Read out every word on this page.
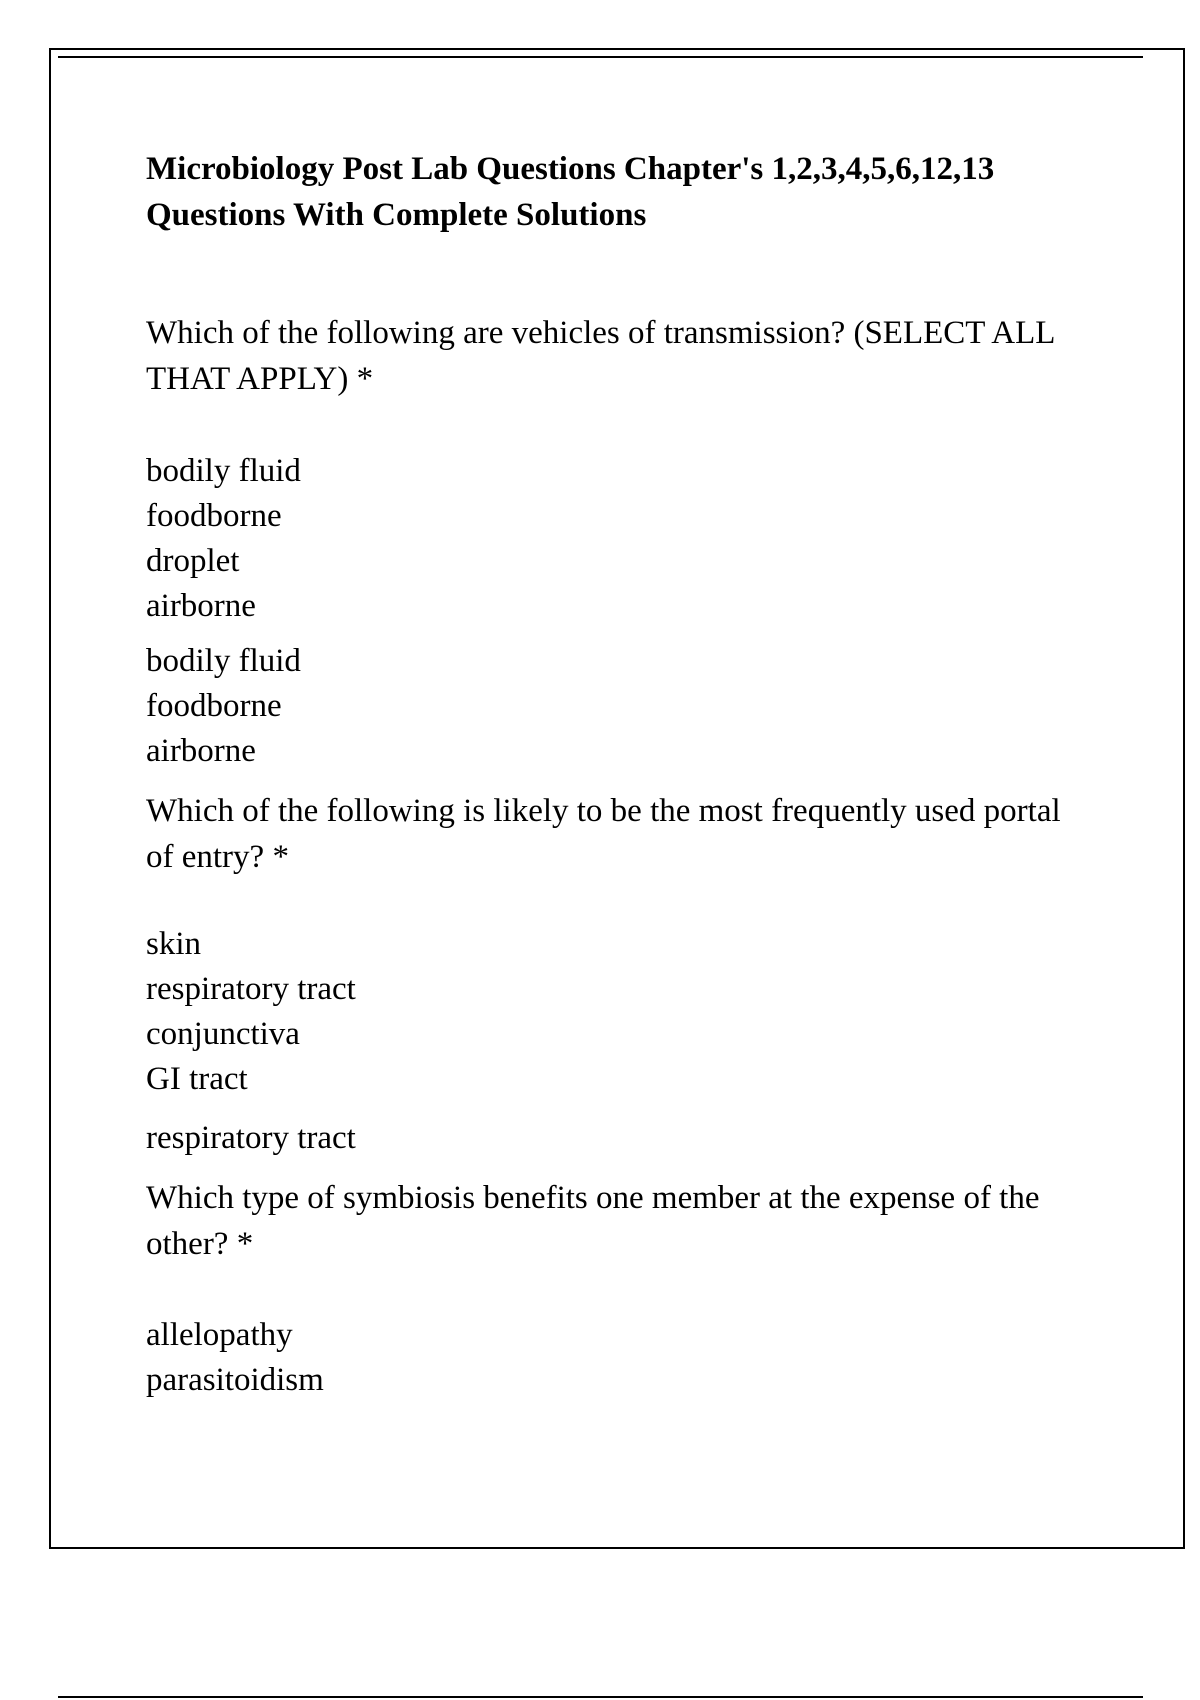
Microbiology Post Lab Questions Chapter's 1,2,3,4,5,6,12,13 Questions With Complete Solutions

Which of the following are vehicles of transmission? (SELECT ALL THAT APPLY) *

bodily fluid
foodborne
droplet
airborne
bodily fluid
foodborne
airborne

Which of the following is likely to be the most frequently used portal of entry? *

skin
respiratory tract
conjunctiva
GI tract
respiratory tract

Which type of symbiosis benefits one member at the expense of the other? *

allelopathy
parasitoidism
